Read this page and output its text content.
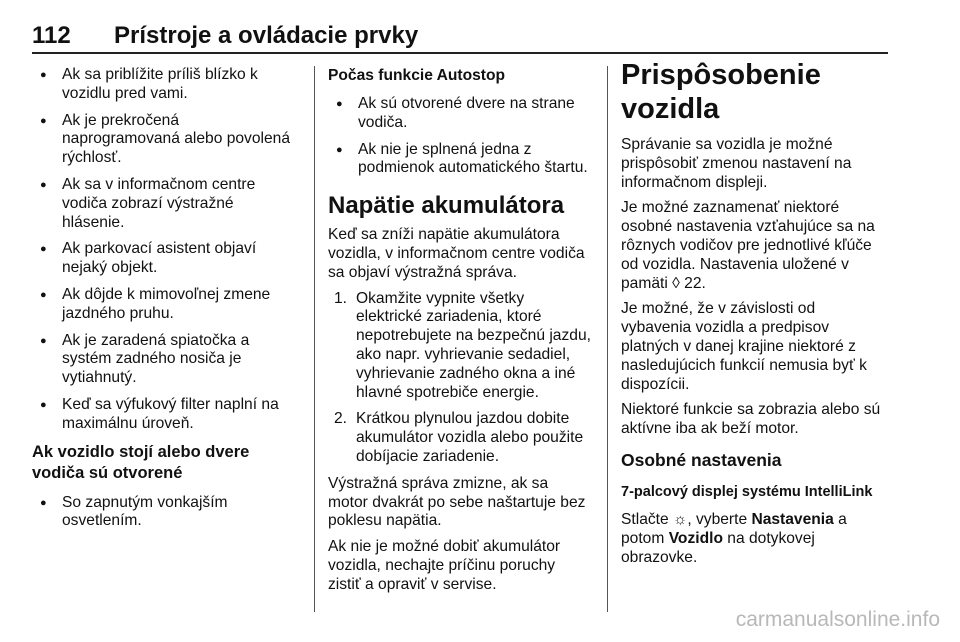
112 Prístroje a ovládacie prvky
● Ak sa priblížite príliš blízko k vozidlu pred vami.
● Ak je prekročená naprogramovaná alebo povolená rýchlosť.
● Ak sa v informačnom centre vodiča zobrazí výstražné hlásenie.
● Ak parkovací asistent objaví nejaký objekt.
● Ak dôjde k mimovoľnej zmene jazdného pruhu.
● Ak je zaradená spiatočka a systém zadného nosiča je vytiahnutý.
● Keď sa výfukový filter naplní na maximálnu úroveň.
Ak vozidlo stojí alebo dvere vodiča sú otvorené
● So zapnutým vonkajším osvetlením.
Počas funkcie Autostop
● Ak sú otvorené dvere na strane vodiča.
● Ak nie je splnená jedna z podmienok automatického štartu.
Napätie akumulátora

Keď sa zníži napätie akumulátora vozidla, v informačnom centre vodiča sa objaví výstražná správa.

1. Okamžite vypnite všetky elektrické zariadenia, ktoré nepotrebujete na bezpečnú jazdu, ako napr. vyhrievanie sedadiel, vyhrievanie zadného okna a iné hlavné spotrebiče energie.
2. Krátkou plynulou jazdou dobite akumulátor vozidla alebo použite dobíjacie zariadenie.

Výstražná správa zmizne, ak sa motor dvakrát po sebe naštartuje bez poklesu napätia.

Ak nie je možné dobiť akumulátor vozidla, nechajte príčinu poruchy zistiť a opraviť v servise.

Prispôsobenie vozidla

Správanie sa vozidla je možné prispôsobiť zmenou nastavení na informačnom displeji.

Je možné zaznamenať niektoré osobné nastavenia vzťahujúce sa na rôznych vodičov pre jednotlivé kľúče od vozidla. Nastavenia uložené v pamäti ◊ 22.

Je možné, že v závislosti od vybavenia vozidla a predpisov platných v danej krajine niektoré z nasledujúcich funkcií nemusia byť k dispozícii.

Niektoré funkcie sa zobrazia alebo sú aktívne iba ak beží motor.

Osobné nastavenia
7-palcový displej systému IntelliLink

Stlačte ☼, vyberte Nastavenia a potom Vozidlo na dotykovej obrazovke.

carmanualsonline.info
